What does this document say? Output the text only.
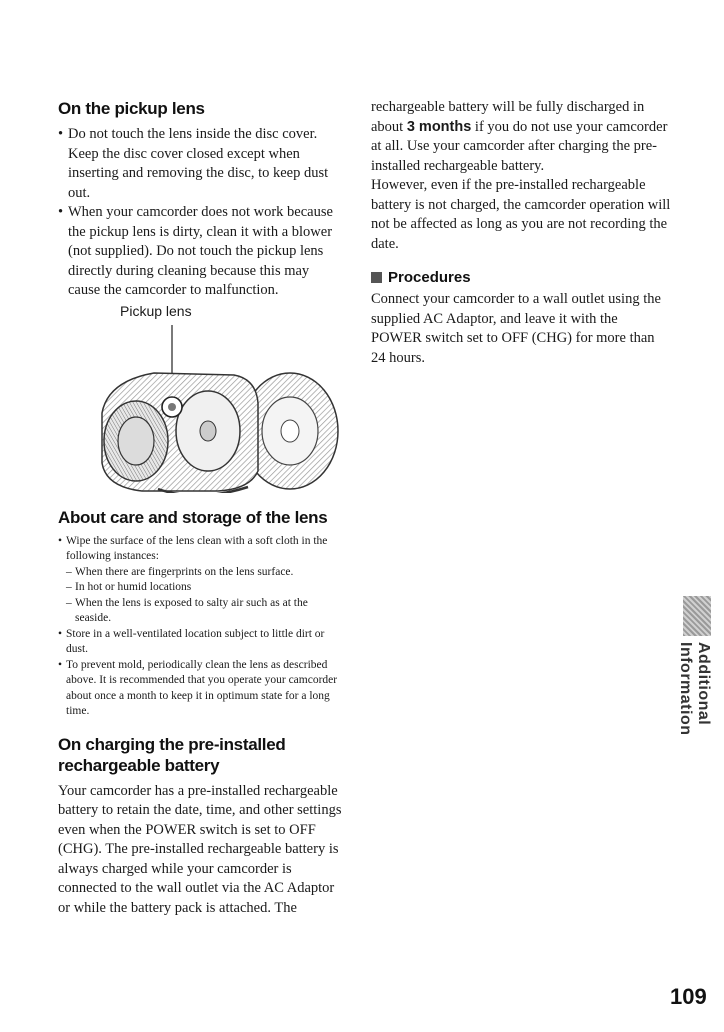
On the pickup lens
• Do not touch the lens inside the disc cover. Keep the disc cover closed except when inserting and removing the disc, to keep dust out.
• When your camcorder does not work because the pickup lens is dirty, clean it with a blower (not supplied). Do not touch the pickup lens directly during cleaning because this may cause the camcorder to malfunction.
Pickup lens
About care and storage of the lens
• Wipe the surface of the lens clean with a soft cloth in the following instances:
– When there are fingerprints on the lens surface.
– In hot or humid locations
– When the lens is exposed to salty air such as at the seaside.
• Store in a well-ventilated location subject to little dirt or dust.
• To prevent mold, periodically clean the lens as described above. It is recommended that you operate your camcorder about once a month to keep it in optimum state for a long time.
On charging the pre-installed rechargeable battery

Your camcorder has a pre-installed rechargeable battery to retain the date, time, and other settings even when the POWER switch is set to OFF (CHG). The pre-installed rechargeable battery is always charged while your camcorder is connected to the wall outlet via the AC Adaptor or while the battery pack is attached. The

rechargeable battery will be fully discharged in about 3 months if you do not use your camcorder at all. Use your camcorder after charging the pre-installed rechargeable battery.

However, even if the pre-installed rechargeable battery is not charged, the camcorder operation will not be affected as long as you are not recording the date.

Procedures

Connect your camcorder to a wall outlet using the supplied AC Adaptor, and leave it with the POWER switch set to OFF (CHG) for more than 24 hours.

Additional Information
109
